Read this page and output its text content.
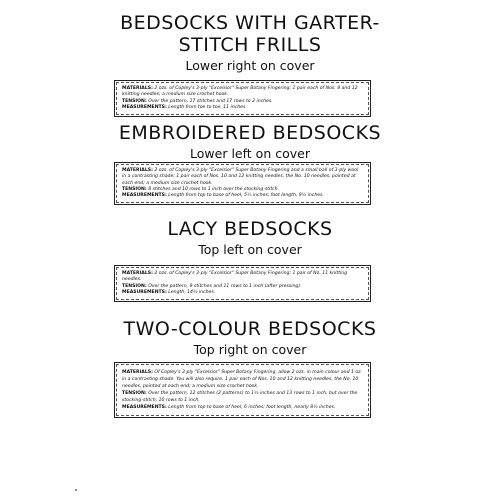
BEDSOCKS WITH GARTER-
STITCH FRILLS
Lower right on cover
MATERIALS: 2 ozs. of Copley's 3-ply "Excelsior" Super Botany Fingering; 1 pair each of Nos. 8 and 12 knitting needles; a medium size crochet hook.
TENSION: Over the pattern, 17 stitches and 17 rows to 2 inches.
MEASUREMENTS: Length from toe to toe, 11 inches.
EMBROIDERED BEDSOCKS
Lower left on cover
MATERIALS: 2 ozs. of Copley's 3-ply "Excelsior" Super Botany Fingering and a small ball of 3-ply wool in a contrasting shade; 1 pair each of Nos. 10 and 12 knitting needles, the No. 10 needles, pointed at each end; a medium size crochet hook.
TENSION: 8 stitches and 10 rows to 1 inch over the stocking-stitch.
MEASUREMENTS: Length from top to base of heel, 5½ inches; foot length, 9½ inches.
LACY BEDSOCKS
Top left on cover
MATERIALS: 2 ozs. of Copley's 3-ply "Excelsior" Super Botany Fingering; 1 pair of No. 11 knitting needles.
TENSION: Over the pattern, 9 stitches and 11 rows to 1 inch (after pressing).
MEASUREMENTS: Length, 14½ inches.
TWO-COLOUR BEDSOCKS
Top right on cover
MATERIALS: Of Copley's 3-ply "Excelsior" Super Botany Fingering, allow 2 ozs. in main colour and 1 oz. in a contrasting shade. You will also require, 1 pair each of Nos. 10 and 12 knitting needles, the No. 10 needles, pointed at each end; a medium size crochet hook.
TENSION: Over the pattern, 12 stitches (2 patterns) to 1½ inches and 13 rows to 1 inch, but over the stocking-stitch, 10 rows to 1 inch.
MEASUREMENTS: Length from top to base of heel, 6 inches; foot length, nearly 8½ inches.
